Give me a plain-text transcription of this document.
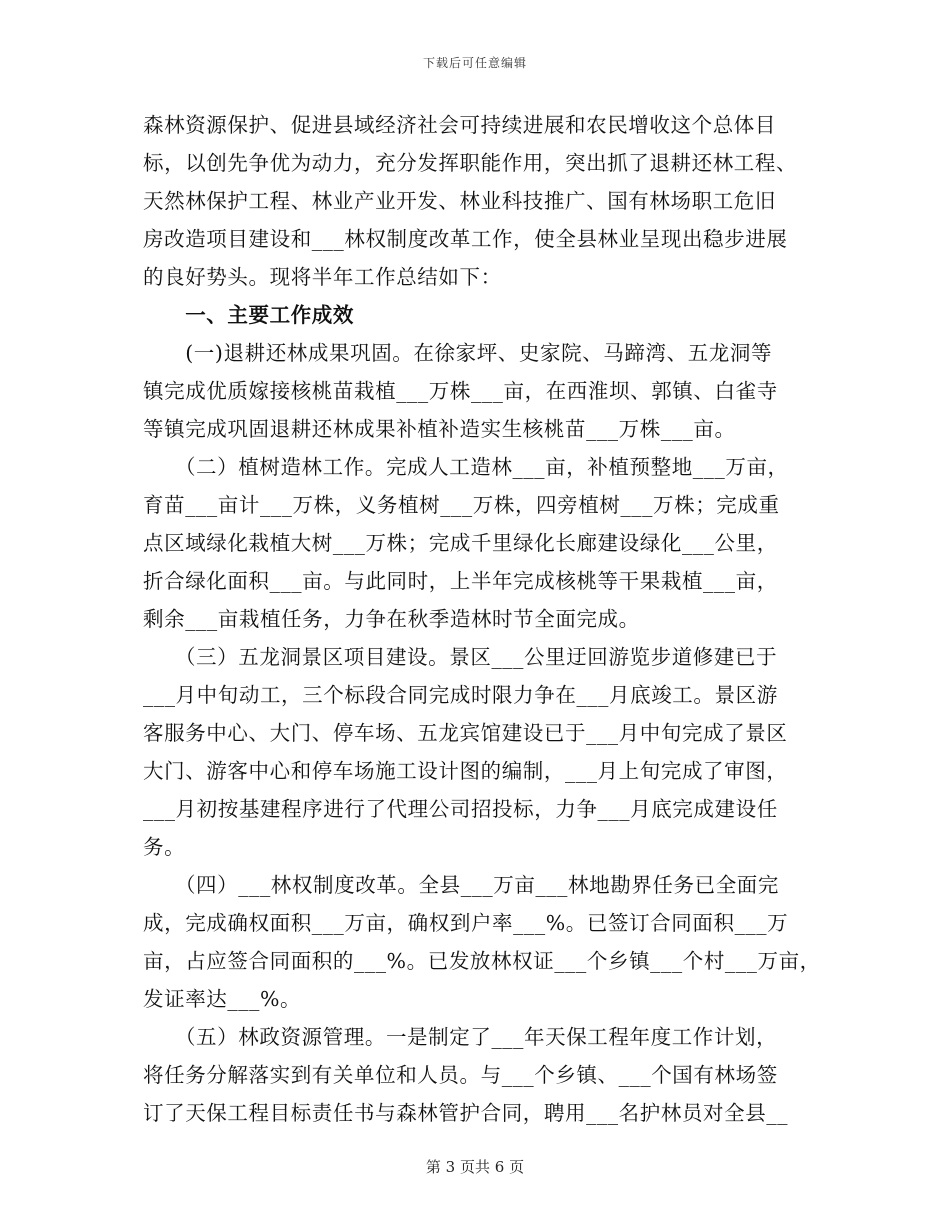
下载后可任意编辑
森林资源保护、促进县域经济社会可持续进展和农民增收这个总体目
标，以创先争优为动力，充分发挥职能作用，突出抓了退耕还林工程、
天然林保护工程、林业产业开发、林业科技推广、国有林场职工危旧
房改造项目建设和___林权制度改革工作，使全县林业呈现出稳步进展
的良好势头。现将半年工作总结如下：
　　一、主要工作成效
　　(一)退耕还林成果巩固。在徐家坪、史家院、马蹄湾、五龙洞等
镇完成优质嫁接核桃苗栽植___万株___亩，在西淮坝、郭镇、白雀寺
等镇完成巩固退耕还林成果补植补造实生核桃苗___万株___亩。
　　（二）植树造林工作。完成人工造林___亩，补植预整地___万亩，
育苗___亩计___万株，义务植树___万株，四旁植树___万株；完成重
点区域绿化栽植大树___万株；完成千里绿化长廊建设绿化___公里，
折合绿化面积___亩。与此同时，上半年完成核桃等干果栽植___亩，
剩余___亩栽植任务，力争在秋季造林时节全面完成。
　　（三）五龙洞景区项目建设。景区___公里迂回游览步道修建已于
___月中旬动工，三个标段合同完成时限力争在___月底竣工。景区游
客服务中心、大门、停车场、五龙宾馆建设已于___月中旬完成了景区
大门、游客中心和停车场施工设计图的编制，___月上旬完成了审图，
___月初按基建程序进行了代理公司招投标，力争___月底完成建设任
务。
　　（四）___林权制度改革。全县___万亩___林地勘界任务已全面完
成，完成确权面积___万亩，确权到户率___%。已签订合同面积___万
亩，占应签合同面积的___%。已发放林权证___个乡镇___个村___万亩，
发证率达___%。
　　（五）林政资源管理。一是制定了___年天保工程年度工作计划，
将任务分解落实到有关单位和人员。与___个乡镇、___个国有林场签
订了天保工程目标责任书与森林管护合同，聘用___名护林员对全县__
第 3 页共 6 页
